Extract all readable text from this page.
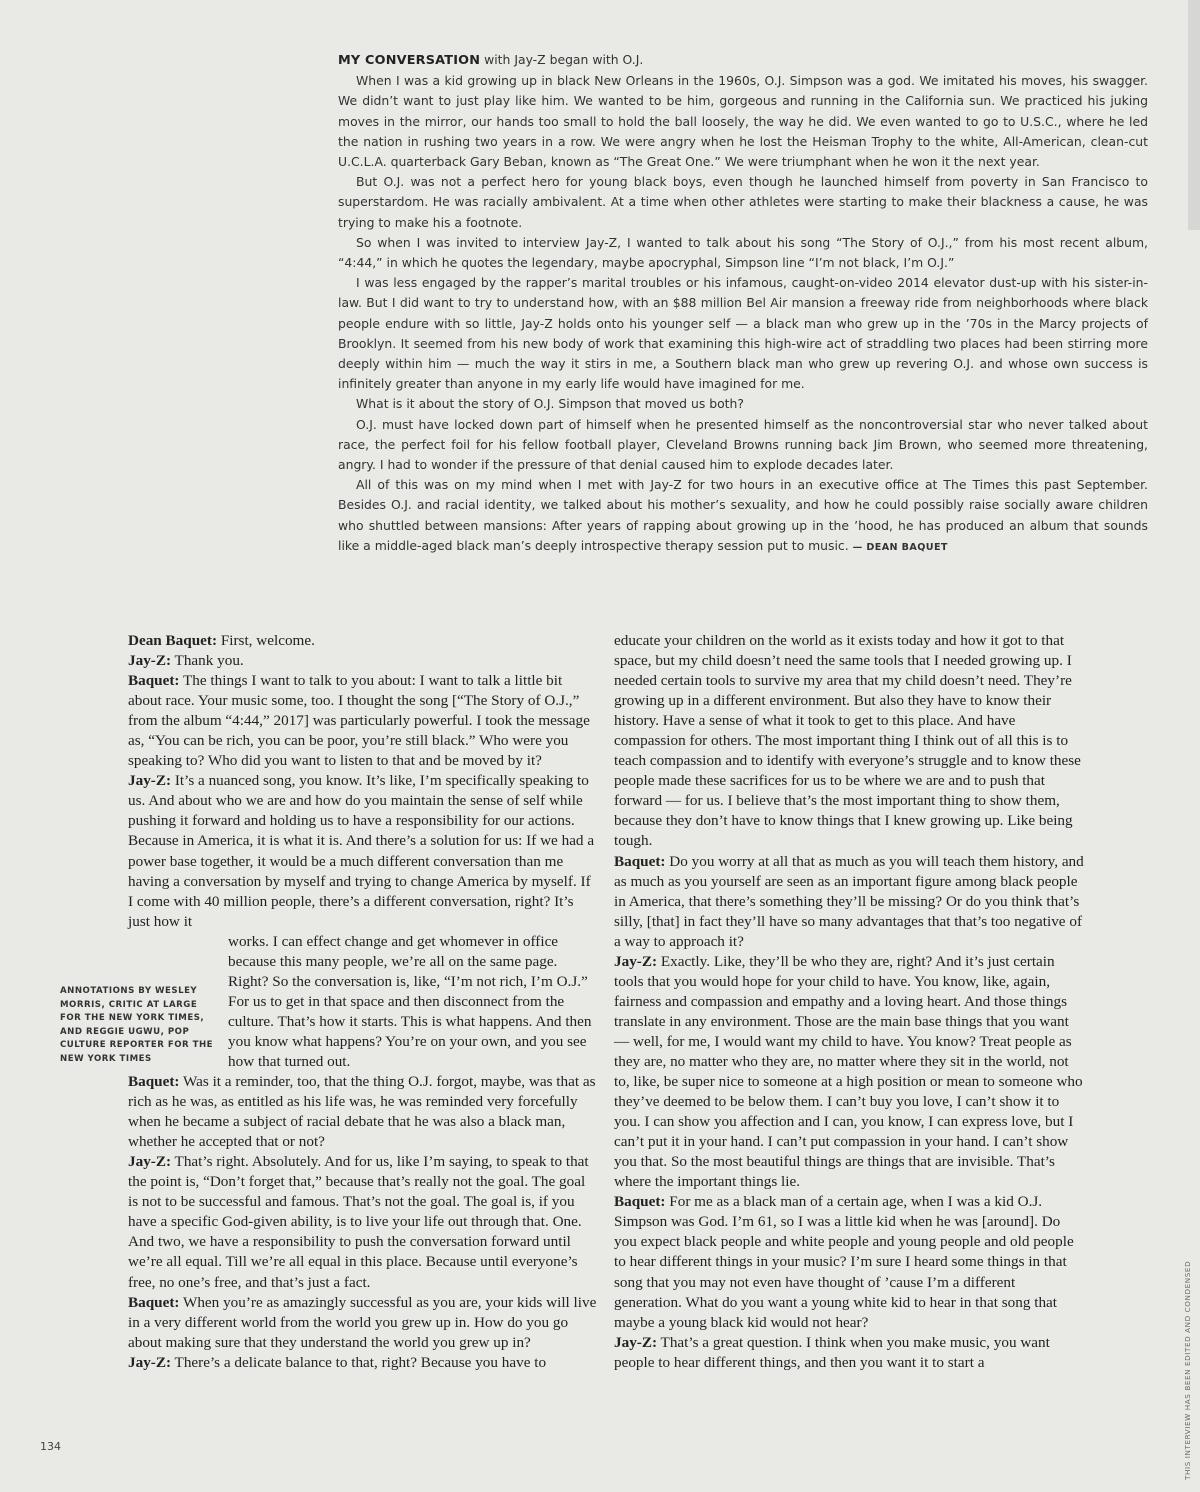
MY CONVERSATION with Jay-Z began with O.J.

When I was a kid growing up in black New Orleans in the 1960s, O.J. Simpson was a god. We imitated his moves, his swagger. We didn’t want to just play like him. We wanted to be him, gorgeous and running in the California sun. We practiced his juking moves in the mirror, our hands too small to hold the ball loosely, the way he did. We even wanted to go to U.S.C., where he led the nation in rushing two years in a row. We were angry when he lost the Heisman Trophy to the white, All-American, clean-cut U.C.L.A. quarterback Gary Beban, known as “The Great One.” We were triumphant when he won it the next year.

But O.J. was not a perfect hero for young black boys, even though he launched himself from poverty in San Francisco to superstardom. He was racially ambivalent. At a time when other athletes were starting to make their blackness a cause, he was trying to make his a footnote.

So when I was invited to interview Jay-Z, I wanted to talk about his song “The Story of O.J.,” from his most recent album, “4:44,” in which he quotes the legendary, maybe apocryphal, Simpson line “I’m not black, I’m O.J.”

I was less engaged by the rapper’s marital troubles or his infamous, caught-on-video 2014 elevator dust-up with his sister-in-law. But I did want to try to understand how, with an $88 million Bel Air mansion a freeway ride from neighborhoods where black people endure with so little, Jay-Z holds onto his younger self — a black man who grew up in the ’70s in the Marcy projects of Brooklyn. It seemed from his new body of work that examining this high-wire act of straddling two places had been stirring more deeply within him — much the way it stirs in me, a Southern black man who grew up revering O.J. and whose own success is infinitely greater than anyone in my early life would have imagined for me.

What is it about the story of O.J. Simpson that moved us both?

O.J. must have locked down part of himself when he presented himself as the noncontroversial star who never talked about race, the perfect foil for his fellow football player, Cleveland Browns running back Jim Brown, who seemed more threatening, angry. I had to wonder if the pressure of that denial caused him to explode decades later.

All of this was on my mind when I met with Jay-Z for two hours in an executive office at The Times this past September. Besides O.J. and racial identity, we talked about his mother’s sexuality, and how he could possibly raise socially aware children who shuttled between mansions: After years of rapping about growing up in the ’hood, he has produced an album that sounds like a middle-aged black man’s deeply introspective therapy session put to music. — DEAN BAQUET

Dean Baquet: First, welcome.

Jay-Z: Thank you.

Baquet: The things I want to talk to you about: I want to talk a little bit about race. Your music some, too. I thought the song [“The Story of O.J.,” from the album “4:44,” 2017] was particularly powerful. I took the message as, “You can be rich, you can be poor, you’re still black.” Who were you speaking to? Who did you want to listen to that and be moved by it?

Jay-Z: It’s a nuanced song, you know. It’s like, I’m specifically speaking to us. And about who we are and how do you maintain the sense of self while pushing it forward and holding us to have a responsibility for our actions. Because in America, it is what it is. And there’s a solution for us: If we had a power base together, it would be a much different conversation than me having a conversation by myself and trying to change America by myself. If I come with 40 million people, there’s a different conversation, right? It’s just how it

works. I can effect change and get whomever in office because this many people, we’re all on the same page. Right? So the conversation is, like, “I’m not rich, I’m O.J.” For us to get in that space and then disconnect from the culture. That’s how it starts. This is what happens. And then you know what happens? You’re on your own, and you see how that turned out.

Baquet: Was it a reminder, too, that the thing O.J. forgot, maybe, was that as rich as he was, as entitled as his life was, he was reminded very forcefully when he became a subject of racial debate that he was also a black man, whether he accepted that or not?

Jay-Z: That’s right. Absolutely. And for us, like I’m saying, to speak to that the point is, “Don’t forget that,” because that’s really not the goal. The goal is not to be successful and famous. That’s not the goal. The goal is, if you have a specific God-given ability, is to live your life out through that. One. And two, we have a responsibility to push the conversation forward until we’re all equal. Till we’re all equal in this place. Because until everyone’s free, no one’s free, and that’s just a fact.

Baquet: When you’re as amazingly successful as you are, your kids will live in a very different world from the world you grew up in. How do you go about making sure that they understand the world you grew up in?

Jay-Z: There’s a delicate balance to that, right? Because you have to

ANNOTATIONS BY WESLEY MORRIS, CRITIC AT LARGE FOR THE NEW YORK TIMES, AND REGGIE UGWU, POP CULTURE REPORTER FOR THE NEW YORK TIMES

educate your children on the world as it exists today and how it got to that space, but my child doesn’t need the same tools that I needed growing up. I needed certain tools to survive my area that my child doesn’t need. They’re growing up in a different environment. But also they have to know their history. Have a sense of what it took to get to this place. And have compassion for others. The most important thing I think out of all this is to teach compassion and to identify with everyone’s struggle and to know these people made these sacrifices for us to be where we are and to push that forward — for us. I believe that’s the most important thing to show them, because they don’t have to know things that I knew growing up. Like being tough.

Baquet: Do you worry at all that as much as you will teach them history, and as much as you yourself are seen as an important figure among black people in America, that there’s something they’ll be missing? Or do you think that’s silly, [that] in fact they’ll have so many advantages that that’s too negative of a way to approach it?

Jay-Z: Exactly. Like, they’ll be who they are, right? And it’s just certain tools that you would hope for your child to have. You know, like, again, fairness and compassion and empathy and a loving heart. And those things translate in any environment. Those are the main base things that you want — well, for me, I would want my child to have. You know? Treat people as they are, no matter who they are, no matter where they sit in the world, not to, like, be super nice to someone at a high position or mean to someone who they’ve deemed to be below them. I can’t buy you love, I can’t show it to you. I can show you affection and I can, you know, I can express love, but I can’t put it in your hand. I can’t put compassion in your hand. I can’t show you that. So the most beautiful things are things that are invisible. That’s where the important things lie.

Baquet: For me as a black man of a certain age, when I was a kid O.J. Simpson was God. I’m 61, so I was a little kid when he was [around]. Do you expect black people and white people and young people and old people to hear different things in your music? I’m sure I heard some things in that song that you may not even have thought of ’cause I’m a different generation. What do you want a young white kid to hear in that song that maybe a young black kid would not hear?

Jay-Z: That’s a great question. I think when you make music, you want people to hear different things, and then you want it to start a

134	THIS INTERVIEW HAS BEEN EDITED AND CONDENSED
